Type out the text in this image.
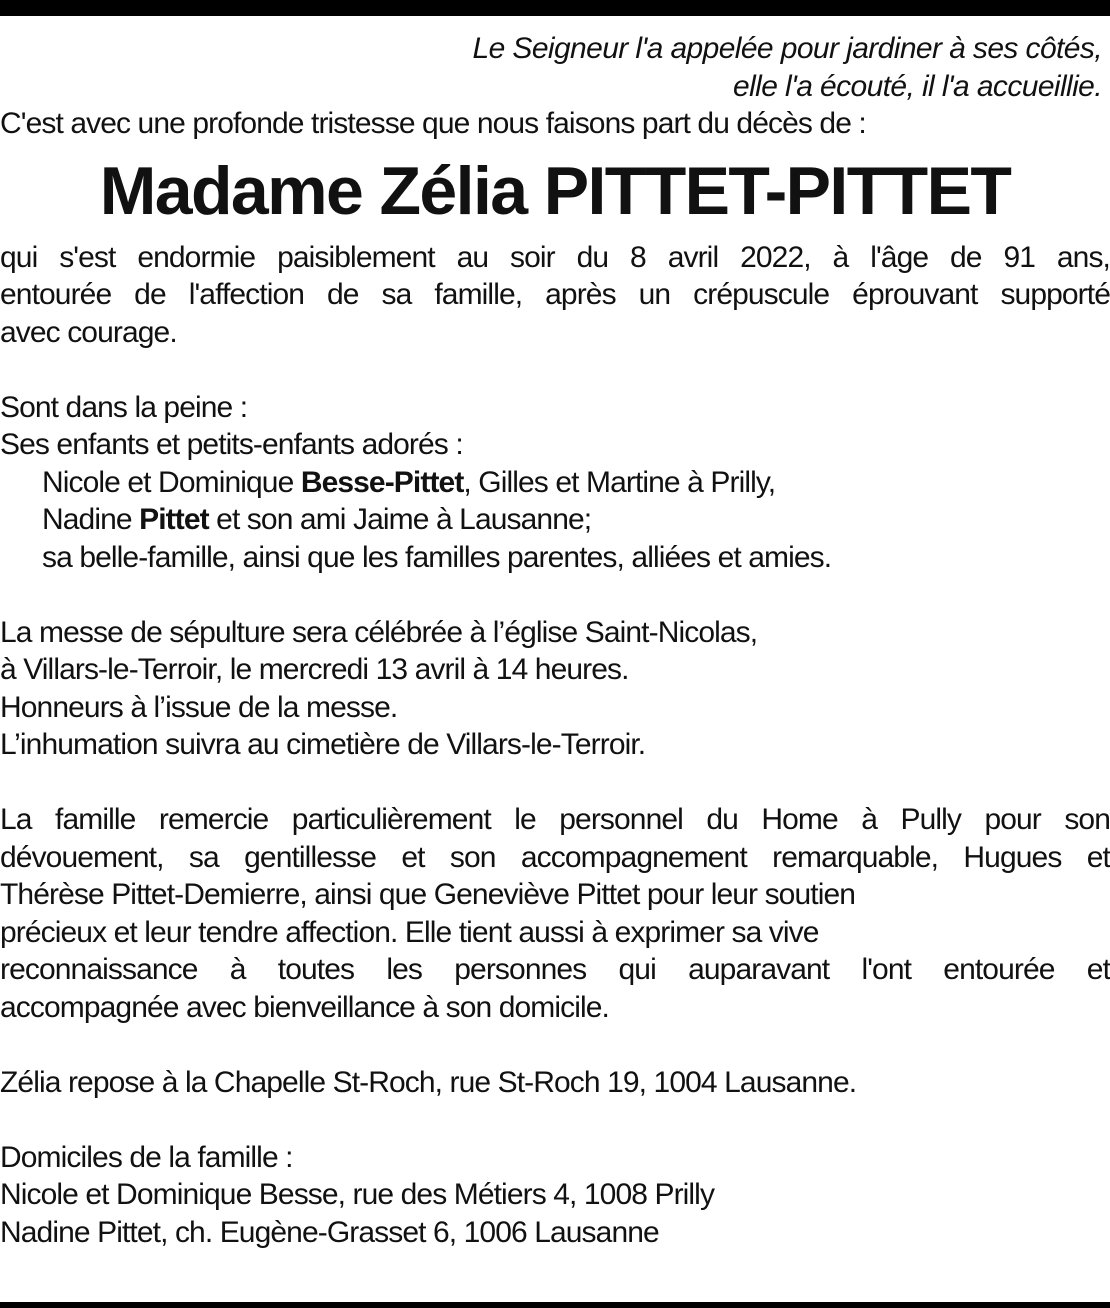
Le Seigneur l'a appelée pour jardiner à ses côtés,
elle l'a écouté, il l'a accueillie.
C'est avec une profonde tristesse que nous faisons part du décès de :
Madame Zélia PITTET-PITTET
qui s'est endormie paisiblement au soir du 8 avril 2022, à l'âge de 91 ans,
entourée de l'affection de sa famille, après un crépuscule éprouvant supporté
avec courage.
Sont dans la peine :
Ses enfants et petits-enfants adorés :
Nicole et Dominique Besse-Pittet, Gilles et Martine à Prilly,
Nadine Pittet et son ami Jaime à Lausanne;
sa belle-famille, ainsi que les familles parentes, alliées et amies.
La messe de sépulture sera célébrée à l’église Saint-Nicolas,
à Villars-le-Terroir, le mercredi 13 avril à 14 heures.
Honneurs à l’issue de la messe.
L’inhumation suivra au cimetière de Villars-le-Terroir.
La famille remercie particulièrement le personnel du Home à Pully pour son
dévouement, sa gentillesse et son accompagnement remarquable, Hugues et
Thérèse Pittet-Demierre, ainsi que Geneviève Pittet pour leur soutien
précieux et leur tendre affection. Elle tient aussi à exprimer sa vive
reconnaissance à toutes les personnes qui auparavant l'ont entourée et
accompagnée avec bienveillance à son domicile.
Zélia repose à la Chapelle St-Roch, rue St-Roch 19, 1004 Lausanne.
Domiciles de la famille :
Nicole et Dominique Besse, rue des Métiers 4, 1008 Prilly
Nadine Pittet, ch. Eugène-Grasset 6, 1006 Lausanne
